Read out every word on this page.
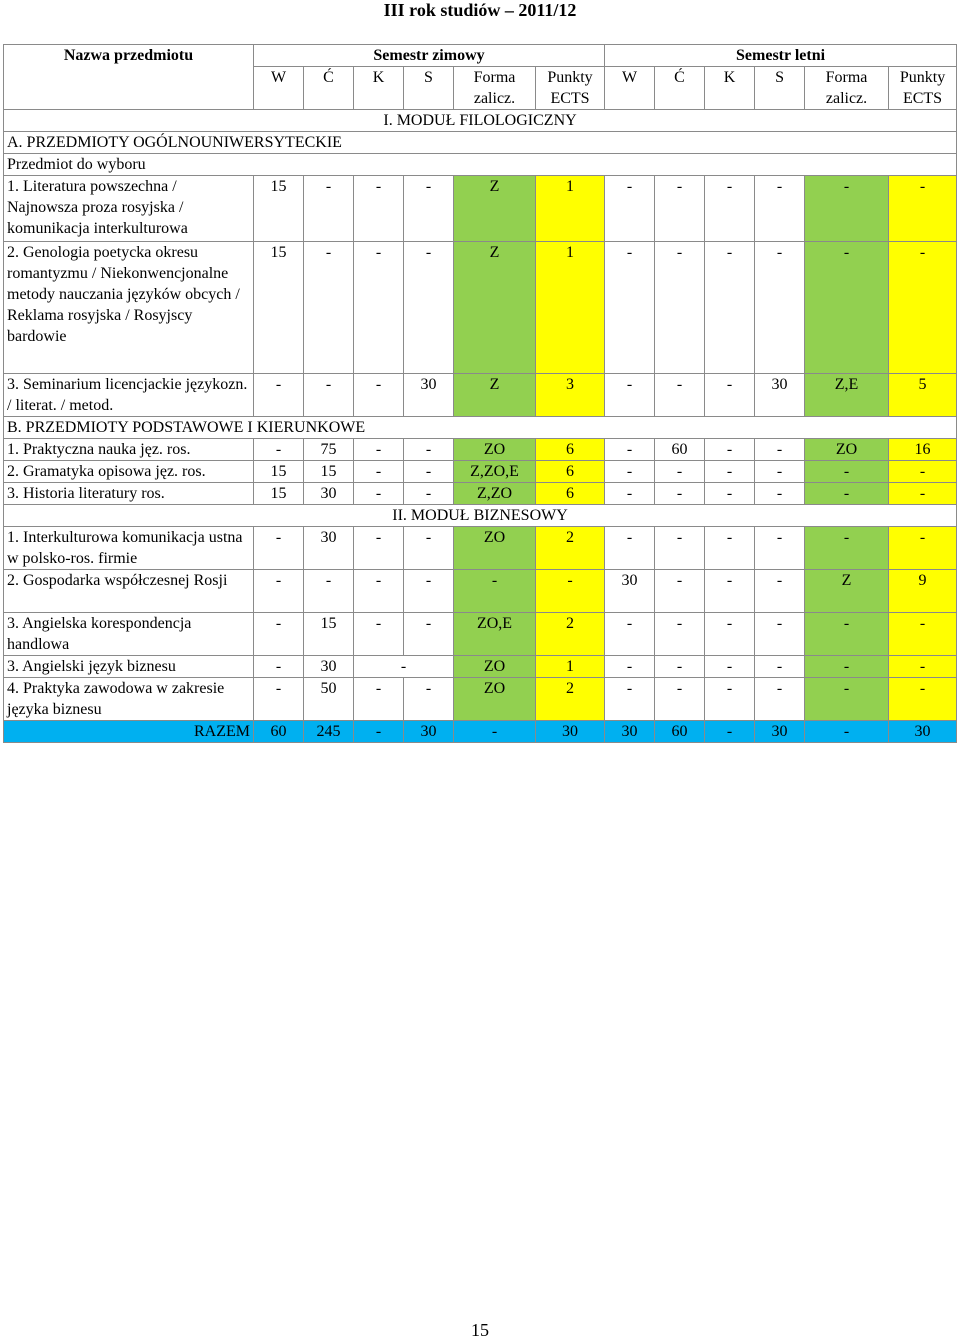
III rok studiów – 2011/12
Nazwa przedmiotu	Semestr zimowy						Semestr letni					
	W	Ć	K	S	Forma zalicz.	Punkty ECTS	W	Ć	K	S	Forma zalicz.	Punkty ECTS
I. MODUŁ FILOLOGICZNY												
A. PRZEDMIOTY OGÓLNOUNIWERSYTECKIE												
Przedmiot do wyboru												
1. Literatura powszechna / Najnowsza proza rosyjska / komunikacja interkulturowa	15	-	-	-	Z	1	-	-	-	-	-	-
2. Genologia poetycka okresu romantyzmu / Niekonwencjonalne metody nauczania języków obcych / Reklama rosyjska / Rosyjscy bardowie	15	-	-	-	Z	1	-	-	-	-	-	-
3. Seminarium licencjackie językozn. / literat. / metod.	-	-	-	30	Z	3	-	-	-	30	Z,E	5
B. PRZEDMIOTY PODSTAWOWE I KIERUNKOWE												
1. Praktyczna nauka jęz. ros.	-	75	-	-	ZO	6	-	60	-	-	ZO	16
2. Gramatyka opisowa jęz. ros.	15	15	-	-	Z,ZO,E	6	-	-	-	-	-	-
3. Historia literatury ros.	15	30	-	-	Z,ZO	6	-	-	-	-	-	-
II. MODUŁ BIZNESOWY												
1. Interkulturowa komunikacja ustna w polsko-ros. firmie	-	30	-	-	ZO	2	-	-	-	-	-	-
2. Gospodarka współczesnej Rosji	-	-	-	-	-	-	30	-	-	-	Z	9
3. Angielska korespondencja handlowa	-	15	-	-	ZO,E	2	-	-	-	-	-	-
3. Angielski język biznesu	-	30	-		ZO	1	-	-	-	-	-	-
4. Praktyka zawodowa w zakresie języka biznesu	-	50	-	-	ZO	2	-	-	-	-	-	-
RAZEM	60	245	-	30	-	30	30	60	-	30	-	30
15
